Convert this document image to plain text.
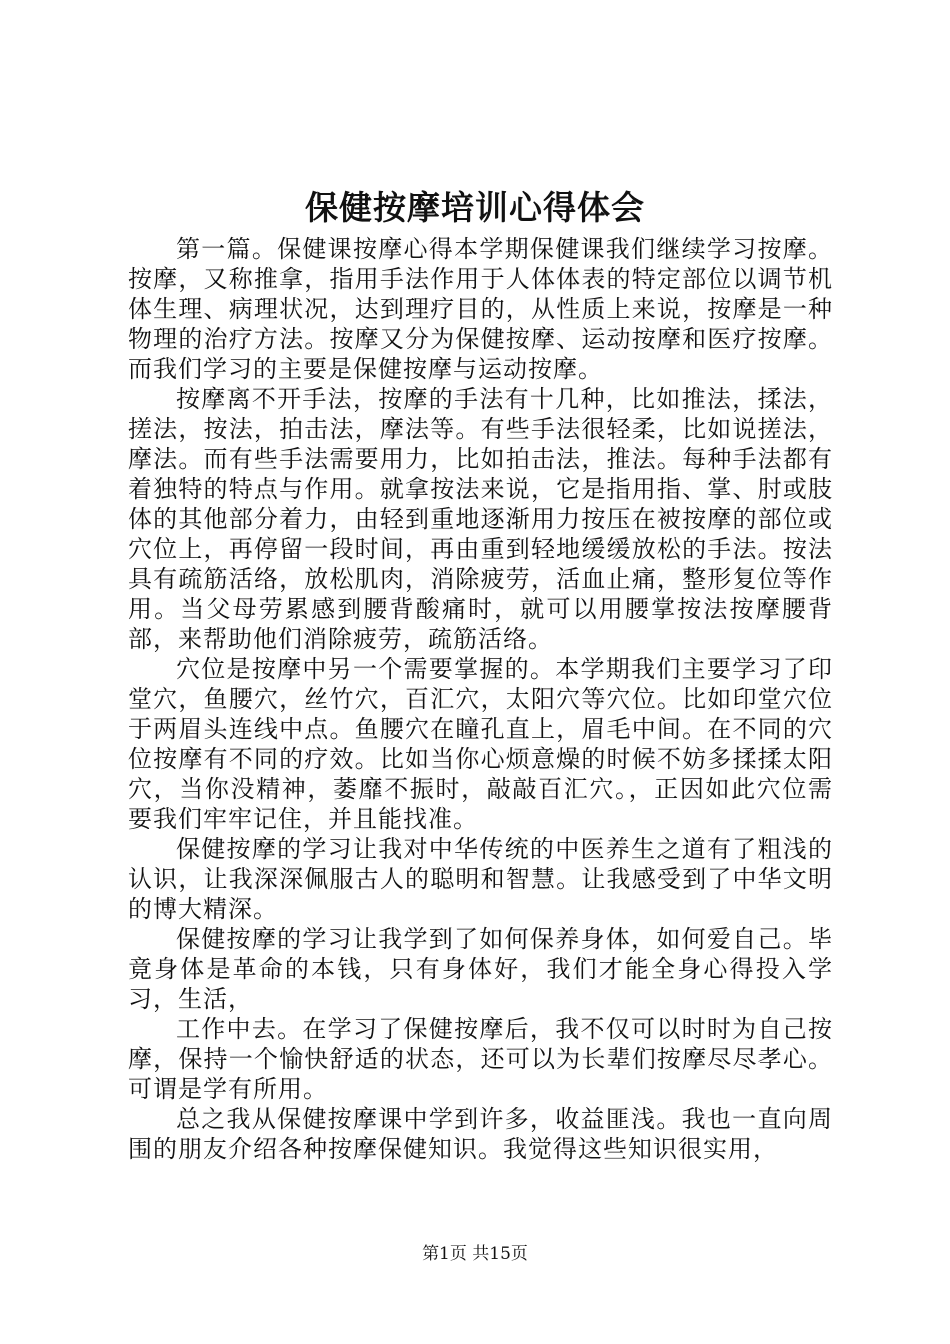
保健按摩培训心得体会

第一篇。保健课按摩心得本学期保健课我们继续学习按摩。按摩，又称推拿，指用手法作用于人体体表的特定部位以调节机体生理、病理状况，达到理疗目的，从性质上来说，按摩是一种物理的治疗方法。按摩又分为保健按摩、运动按摩和医疗按摩。而我们学习的主要是保健按摩与运动按摩。

按摩离不开手法，按摩的手法有十几种，比如推法，揉法，搓法，按法，拍击法，摩法等。有些手法很轻柔，比如说搓法，摩法。而有些手法需要用力，比如拍击法，推法。每种手法都有着独特的特点与作用。就拿按法来说，它是指用指、掌、肘或肢体的其他部分着力，由轻到重地逐渐用力按压在被按摩的部位或穴位上，再停留一段时间，再由重到轻地缓缓放松的手法。按法具有疏筋活络，放松肌肉，消除疲劳，活血止痛，整形复位等作用。当父母劳累感到腰背酸痛时，就可以用腰掌按法按摩腰背部，来帮助他们消除疲劳，疏筋活络。

穴位是按摩中另一个需要掌握的。本学期我们主要学习了印堂穴，鱼腰穴，丝竹穴，百汇穴，太阳穴等穴位。比如印堂穴位于两眉头连线中点。鱼腰穴在瞳孔直上，眉毛中间。在不同的穴位按摩有不同的疗效。比如当你心烦意燥的时候不妨多揉揉太阳穴，当你没精神，萎靡不振时，敲敲百汇穴。，正因如此穴位需要我们牢牢记住，并且能找准。

保健按摩的学习让我对中华传统的中医养生之道有了粗浅的认识，让我深深佩服古人的聪明和智慧。让我感受到了中华文明的博大精深。

保健按摩的学习让我学到了如何保养身体，如何爱自己。毕竟身体是革命的本钱，只有身体好，我们才能全身心得投入学习，生活，

工作中去。在学习了保健按摩后，我不仅可以时时为自己按摩，保持一个愉快舒适的状态，还可以为长辈们按摩尽尽孝心。可谓是学有所用。

总之我从保健按摩课中学到许多，收益匪浅。我也一直向周围的朋友介绍各种按摩保健知识。我觉得这些知识很实用，

第1页 共15页
